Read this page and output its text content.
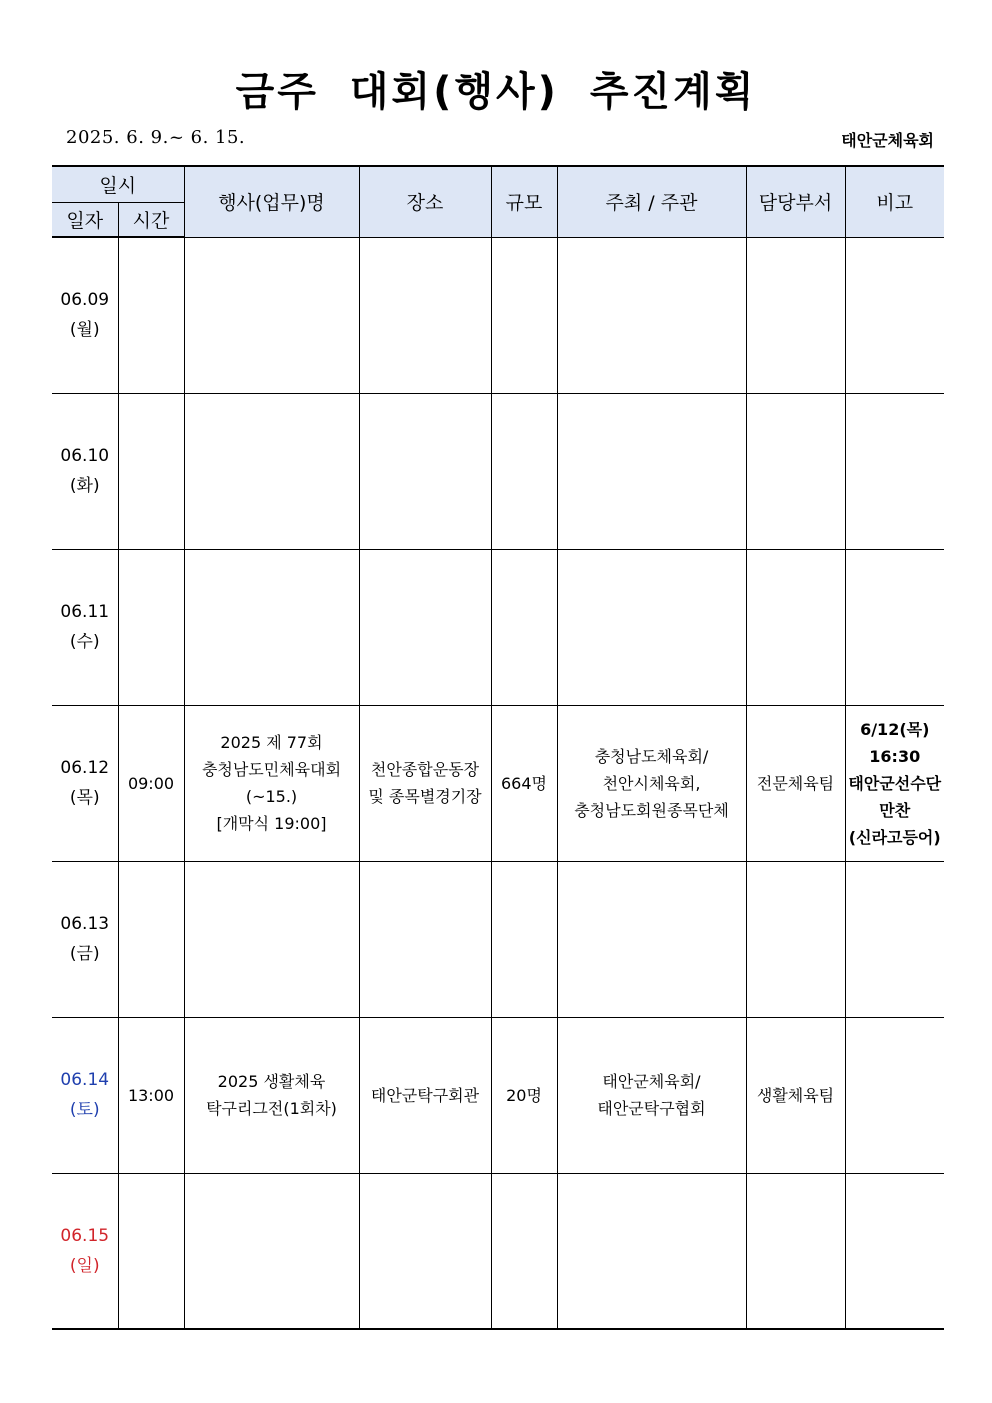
금주 대회(행사) 추진계획
2025. 6. 9.~ 6. 15.	태안군체육회
일시		행사(업무)명	장소	규모	주최 / 주관	담당부서	비고
일자	시간						

06.09
(월)							

06.10
(화)							

06.11
(수)							

06.12
(목)	09:00	2025 제 77회
충청남도민체육대회
(~15.)
[개막식 19:00]	천안종합운동장
및 종목별경기장	664명	충청남도체육회/
천안시체육회,
충청남도회원종목단체	전문체육팀	6/12(목)
16:30
태안군선수단
만찬
(신라고등어)

06.13
(금)							

06.14
(토)	13:00	2025 생활체육
탁구리그전(1회차)	태안군탁구회관	20명	태안군체육회/
태안군탁구협회	생활체육팀	

06.15
(일)							
